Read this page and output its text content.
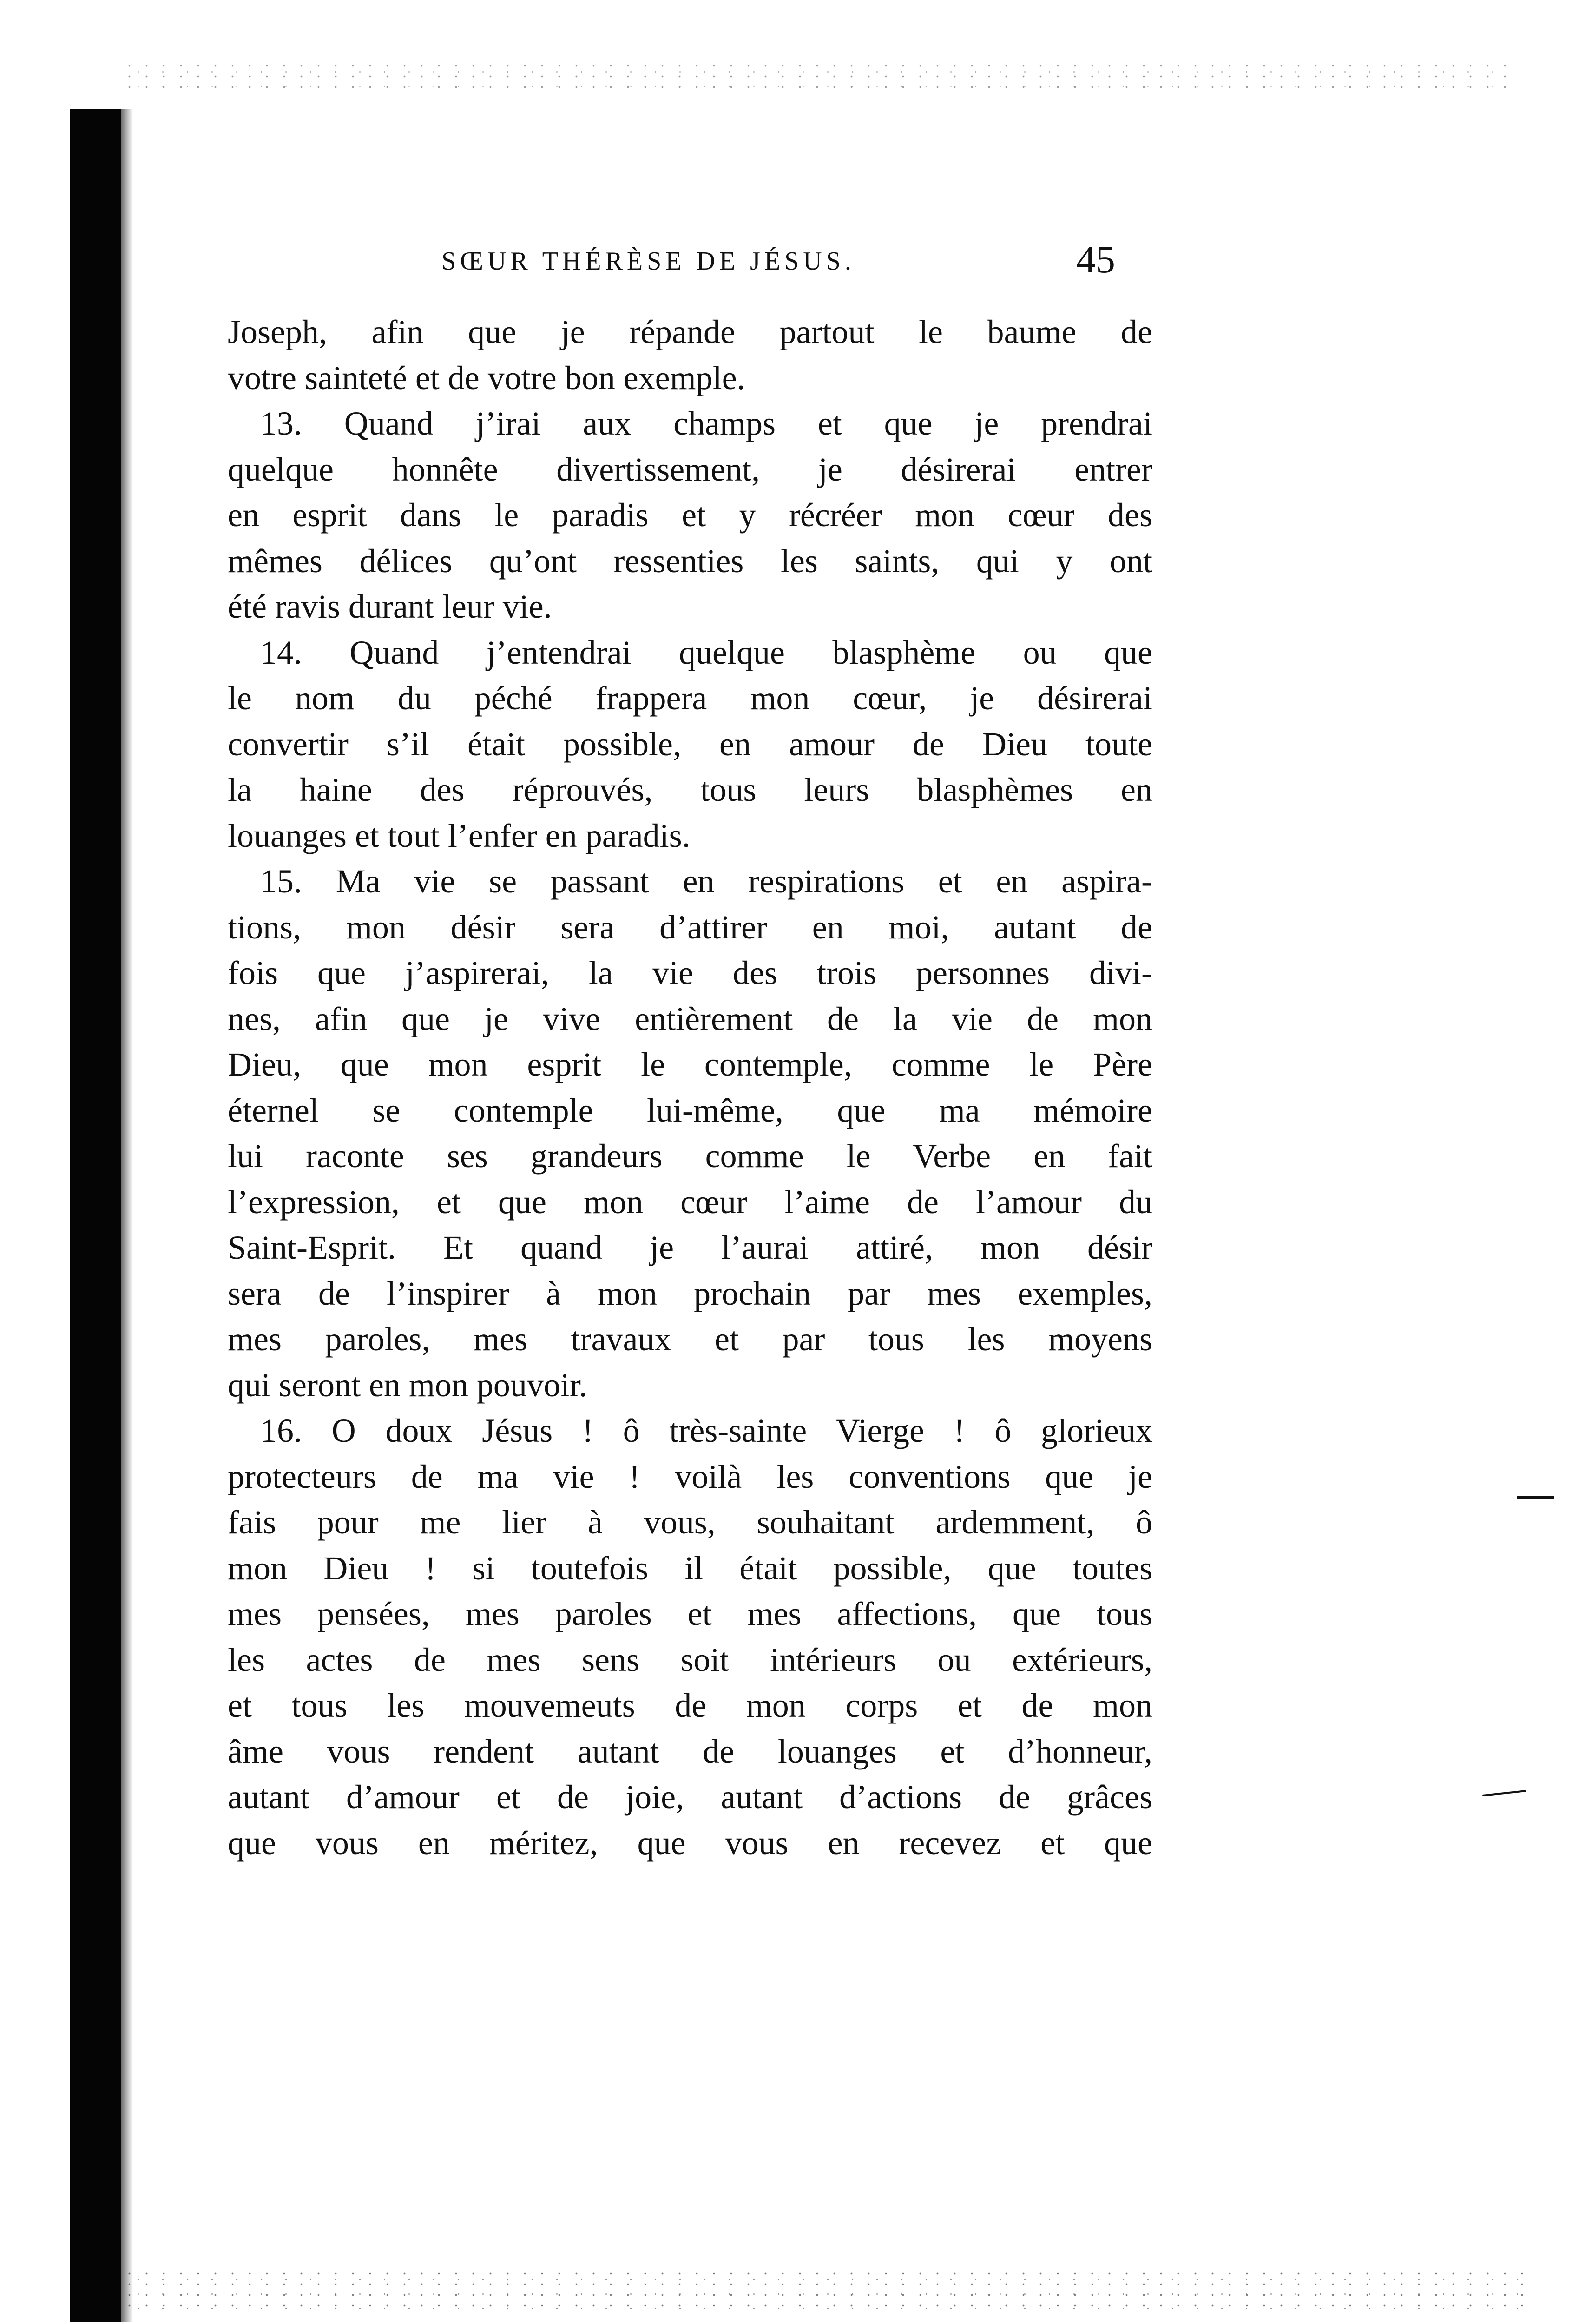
SŒUR THÉRÈSE DE JÉSUS.	45
Joseph, afin que je répande partout le baume de
votre sainteté et de votre bon exemple.
13. Quand j’irai aux champs et que je prendrai
quelque honnête divertissement, je désirerai entrer
en esprit dans le paradis et y récréer mon cœur des
mêmes délices qu’ont ressenties les saints, qui y ont
été ravis durant leur vie.
14. Quand j’entendrai quelque blasphème ou que
le nom du péché frappera mon cœur, je désirerai
convertir s’il était possible, en amour de Dieu toute
la haine des réprouvés, tous leurs blasphèmes en
louanges et tout l’enfer en paradis.
15. Ma vie se passant en respirations et en aspira-
tions, mon désir sera d’attirer en moi, autant de
fois que j’aspirerai, la vie des trois personnes divi-
nes, afin que je vive entièrement de la vie de mon
Dieu, que mon esprit le contemple, comme le Père
éternel se contemple lui-même, que ma mémoire
lui raconte ses grandeurs comme le Verbe en fait
l’expression, et que mon cœur l’aime de l’amour du
Saint-Esprit. Et quand je l’aurai attiré, mon désir
sera de l’inspirer à mon prochain par mes exemples,
mes paroles, mes travaux et par tous les moyens
qui seront en mon pouvoir.
16. O doux Jésus ! ô très-sainte Vierge ! ô glorieux
protecteurs de ma vie ! voilà les conventions que je
fais pour me lier à vous, souhaitant ardemment, ô
mon Dieu ! si toutefois il était possible, que toutes
mes pensées, mes paroles et mes affections, que tous
les actes de mes sens soit intérieurs ou extérieurs,
et tous les mouvemeuts de mon corps et de mon
âme vous rendent autant de louanges et d’honneur,
autant d’amour et de joie, autant d’actions de grâces
que vous en méritez, que vous en recevez et que
